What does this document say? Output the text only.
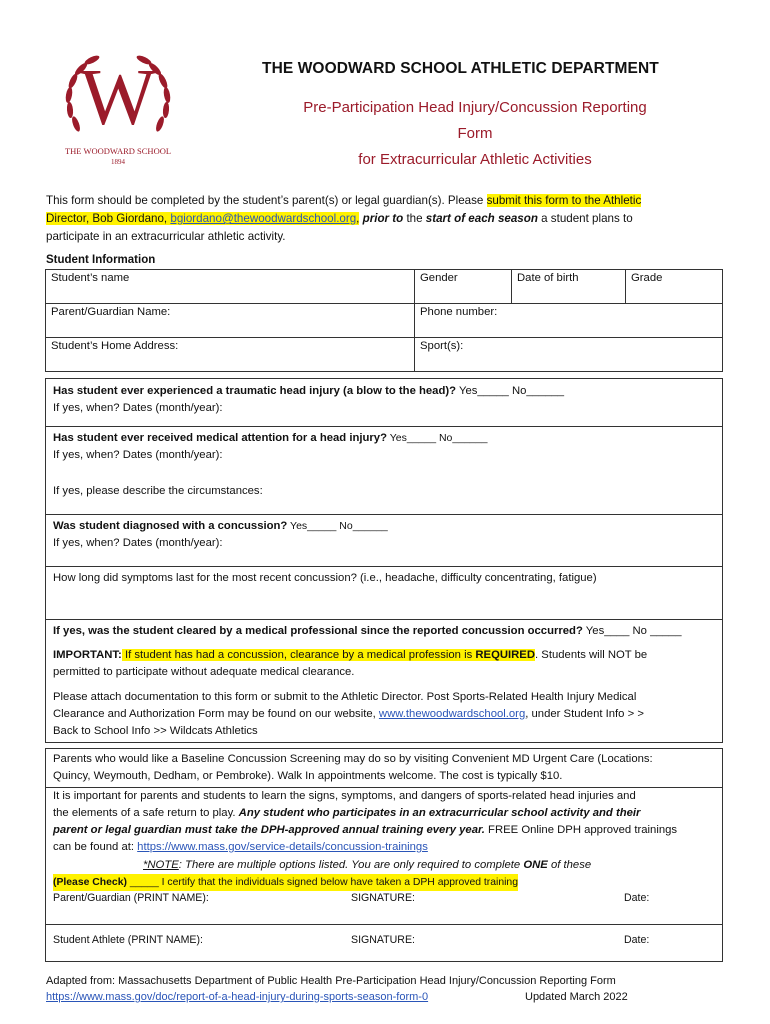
W
THE WOODWARD SCHOOL
1894
THE WOODWARD SCHOOL ATHLETIC DEPARTMENT
Pre-Participation Head Injury/Concussion Reporting
Form
for Extracurricular Athletic Activities
This form should be completed by the student’s parent(s) or legal guardian(s). Please submit this form to the Athletic
Director, Bob Giordano, bgiordano@thewoodwardschool.org, prior to the start of each season a student plans to
participate in an extracurricular athletic activity.
Student Information
Student’s name	Gender	Date of birth	Grade
Parent/Guardian Name:	Phone number:		
Student’s Home Address:	Sport(s):		
Has student ever experienced a traumatic head injury (a blow to the head)? Yes_____ No______
If yes, when? Dates (month/year):
Has student ever received medical attention for a head injury? Yes_____ No______
If yes, when? Dates (month/year):
If yes, please describe the circumstances:
Was student diagnosed with a concussion? Yes_____ No______
If yes, when? Dates (month/year):
How long did symptoms last for the most recent concussion? (i.e., headache, difficulty concentrating, fatigue)
If yes, was the student cleared by a medical professional since the reported concussion occurred? Yes____ No _____
IMPORTANT: If student has had a concussion, clearance by a medical profession is REQUIRED. Students will NOT be
permitted to participate without adequate medical clearance.
Please attach documentation to this form or submit to the Athletic Director. Post Sports-Related Health Injury Medical
Clearance and Authorization Form may be found on our website, www.thewoodwardschool.org, under Student Info > >
Back to School Info >> Wildcats Athletics
Parents who would like a Baseline Concussion Screening may do so by visiting Convenient MD Urgent Care (Locations:
Quincy, Weymouth, Dedham, or Pembroke). Walk In appointments welcome. The cost is typically $10.
It is important for parents and students to learn the signs, symptoms, and dangers of sports-related head injuries and
the elements of a safe return to play. Any student who participates in an extracurricular school activity and their
parent or legal guardian must take the DPH-approved annual training every year. FREE Online DPH approved trainings
can be found at: https://www.mass.gov/service-details/concussion-trainings
*NOTE: There are multiple options listed. You are only required to complete ONE of these
(Please Check) _____ I certify that the individuals signed below have taken a DPH approved training
Parent/Guardian (PRINT NAME):	SIGNATURE:	Date:
Student Athlete (PRINT NAME):	SIGNATURE:	Date:
Adapted from: Massachusetts Department of Public Health Pre-Participation Head Injury/Concussion Reporting Form
https://www.mass.gov/doc/report-of-a-head-injury-during-sports-season-form-0	Updated March 2022
